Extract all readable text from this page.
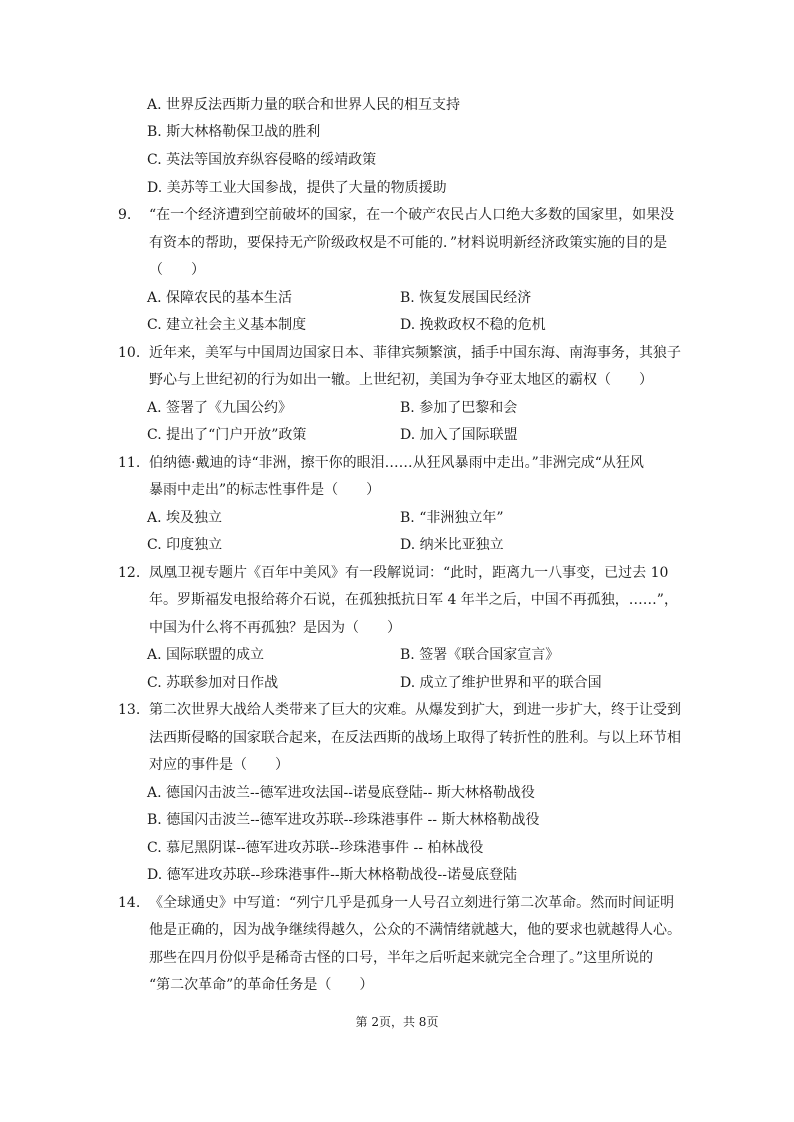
A. 世界反法西斯力量的联合和世界人民的相互支持
B. 斯大林格勒保卫战的胜利
C. 英法等国放弃纵容侵略的绥靖政策
D. 美苏等工业大国参战，提供了大量的物质援助
9. “在一个经济遭到空前破坏的国家，在一个破产农民占人口绝大多数的国家里，如果没
有资本的帮助，要保持无产阶级政权是不可能的．”材料说明新经济政策实施的目的是
（　　）
A. 保障农民的基本生活	B. 恢复发展国民经济
C. 建立社会主义基本制度	D. 挽救政权不稳的危机
10. 近年来，美军与中国周边国家日本、菲律宾频繁演，插手中国东海、南海事务，其狼子
野心与上世纪初的行为如出一辙。上世纪初，美国为争夺亚太地区的霸权（　　）
A. 签署了《九国公约》	B. 参加了巴黎和会
C. 提出了“门户开放”政策	D. 加入了国际联盟
11. 伯纳德·戴迪的诗“非洲，擦干你的眼泪……从狂风暴雨中走出。”非洲完成“从狂风
暴雨中走出”的标志性事件是（　　）
A. 埃及独立	B. “非洲独立年”
C. 印度独立	D. 纳米比亚独立
12. 凤凰卫视专题片《百年中美风》有一段解说词：“此时，距离九一八事变，已过去 10
年。罗斯福发电报给蒋介石说，在孤独抵抗日军 4 年半之后，中国不再孤独，……”，
中国为什么将不再孤独？是因为（　　）
A. 国际联盟的成立	B. 签署《联合国家宣言》
C. 苏联参加对日作战	D. 成立了维护世界和平的联合国
13. 第二次世界大战给人类带来了巨大的灾难。从爆发到扩大，到进一步扩大，终于让受到
法西斯侵略的国家联合起来，在反法西斯的战场上取得了转折性的胜利。与以上环节相
对应的事件是（　　）
A. 德国闪击波兰--德军进攻法国--诺曼底登陆-- 斯大林格勒战役
B. 德国闪击波兰--德军进攻苏联--珍珠港事件 -- 斯大林格勒战役
C. 慕尼黑阴谋--德军进攻苏联--珍珠港事件 -- 柏林战役
D. 德军进攻苏联--珍珠港事件--斯大林格勒战役--诺曼底登陆
14. 《全球通史》中写道：“列宁几乎是孤身一人号召立刻进行第二次革命。然而时间证明
他是正确的，因为战争继续得越久，公众的不满情绪就越大，他的要求也就越得人心。
那些在四月份似乎是稀奇古怪的口号，半年之后听起来就完全合理了。”这里所说的
“第二次革命”的革命任务是（　　）
第 2页，共 8页
